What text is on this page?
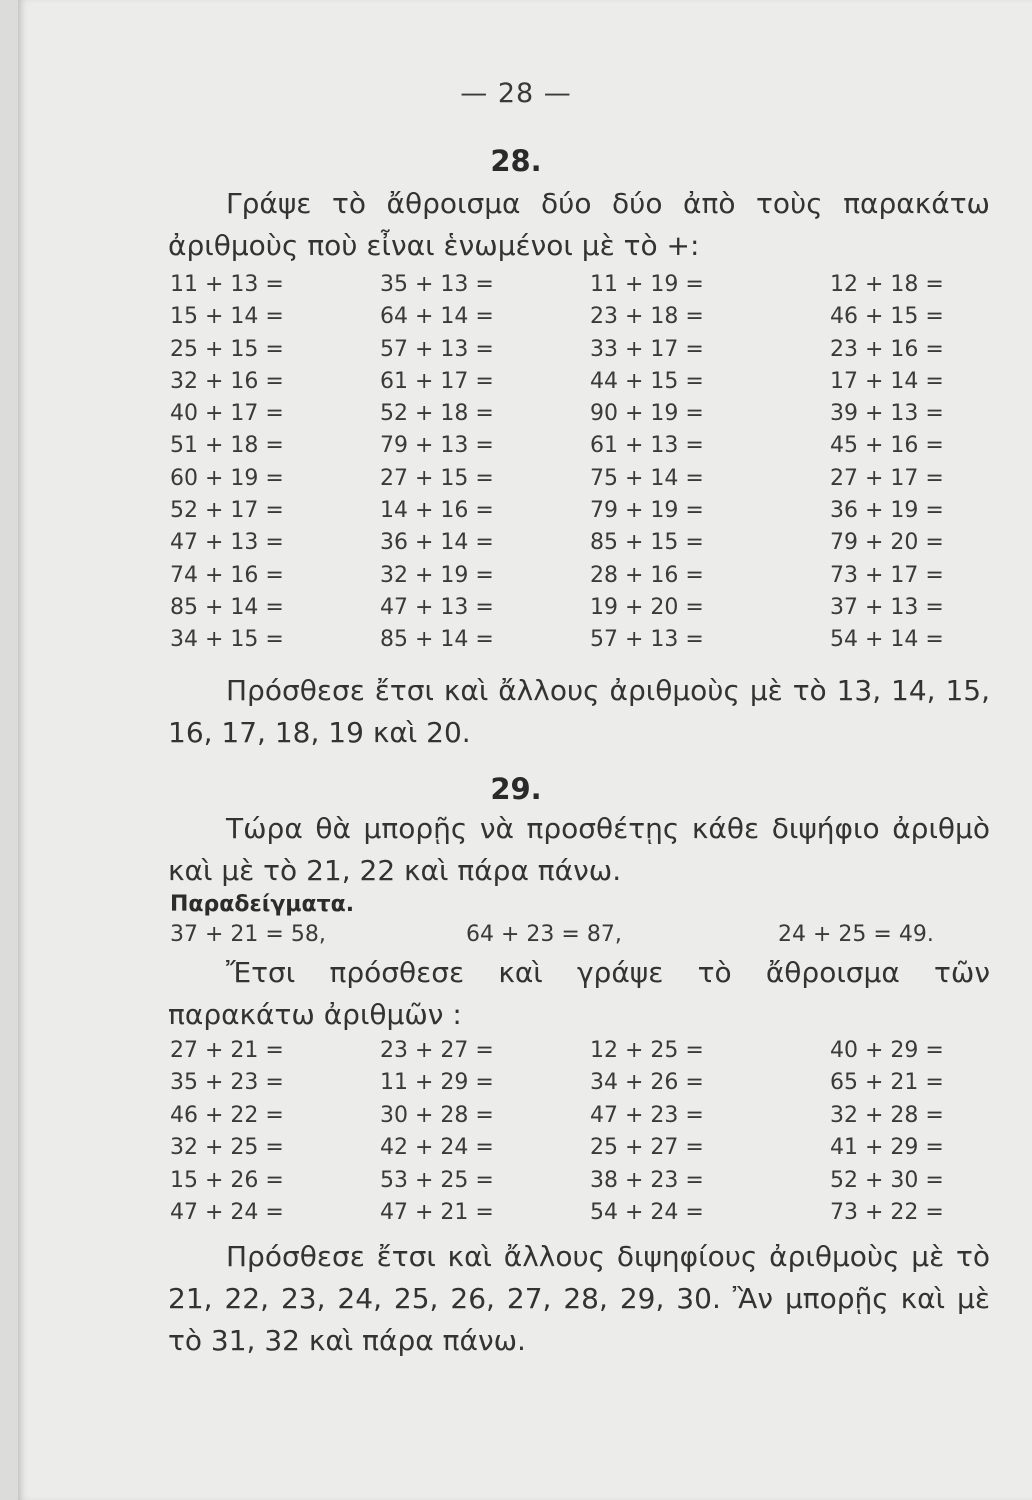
— 28 —
28.
Γράψε τὸ ἄθροισμα δύο δύο ἀπὸ τοὺς παρακάτω ἀριθμοὺς ποὺ εἶναι ἑνωμένοι μὲ τὸ +:
11 + 13 =	35 + 13 =	11 + 19 =	12 + 18 =
15 + 14 =	64 + 14 =	23 + 18 =	46 + 15 =
25 + 15 =	57 + 13 =	33 + 17 =	23 + 16 =
32 + 16 =	61 + 17 =	44 + 15 =	17 + 14 =
40 + 17 =	52 + 18 =	90 + 19 =	39 + 13 =
51 + 18 =	79 + 13 =	61 + 13 =	45 + 16 =
60 + 19 =	27 + 15 =	75 + 14 =	27 + 17 =
52 + 17 =	14 + 16 =	79 + 19 =	36 + 19 =
47 + 13 =	36 + 14 =	85 + 15 =	79 + 20 =
74 + 16 =	32 + 19 =	28 + 16 =	73 + 17 =
85 + 14 =	47 + 13 =	19 + 20 =	37 + 13 =
34 + 15 =	85 + 14 =	57 + 13 =	54 + 14 =
Πρόσθεσε ἔτσι καὶ ἄλλους ἀριθμοὺς μὲ τὸ 13, 14, 15, 16, 17, 18, 19 καὶ 20.
29.
Τώρα θὰ μπορῇς νὰ προσθέτῃς κάθε διψήφιο ἀριθμὸ καὶ μὲ τὸ 21, 22 καὶ πάρα πάνω.
Παραδείγματα.
37 + 21 = 58,	64 + 23 = 87,	24 + 25 = 49.
Ἔτσι πρόσθεσε καὶ γράψε τὸ ἄθροισμα τῶν παρακάτω ἀριθμῶν :
27 + 21 =	23 + 27 =	12 + 25 =	40 + 29 =
35 + 23 =	11 + 29 =	34 + 26 =	65 + 21 =
46 + 22 =	30 + 28 =	47 + 23 =	32 + 28 =
32 + 25 =	42 + 24 =	25 + 27 =	41 + 29 =
15 + 26 =	53 + 25 =	38 + 23 =	52 + 30 =
47 + 24 =	47 + 21 =	54 + 24 =	73 + 22 =
Πρόσθεσε ἔτσι καὶ ἄλλους διψηφίους ἀριθμοὺς μὲ τὸ 21, 22, 23, 24, 25, 26, 27, 28, 29, 30. Ἂν μπορῇς καὶ μὲ τὸ 31, 32 καὶ πάρα πάνω.
